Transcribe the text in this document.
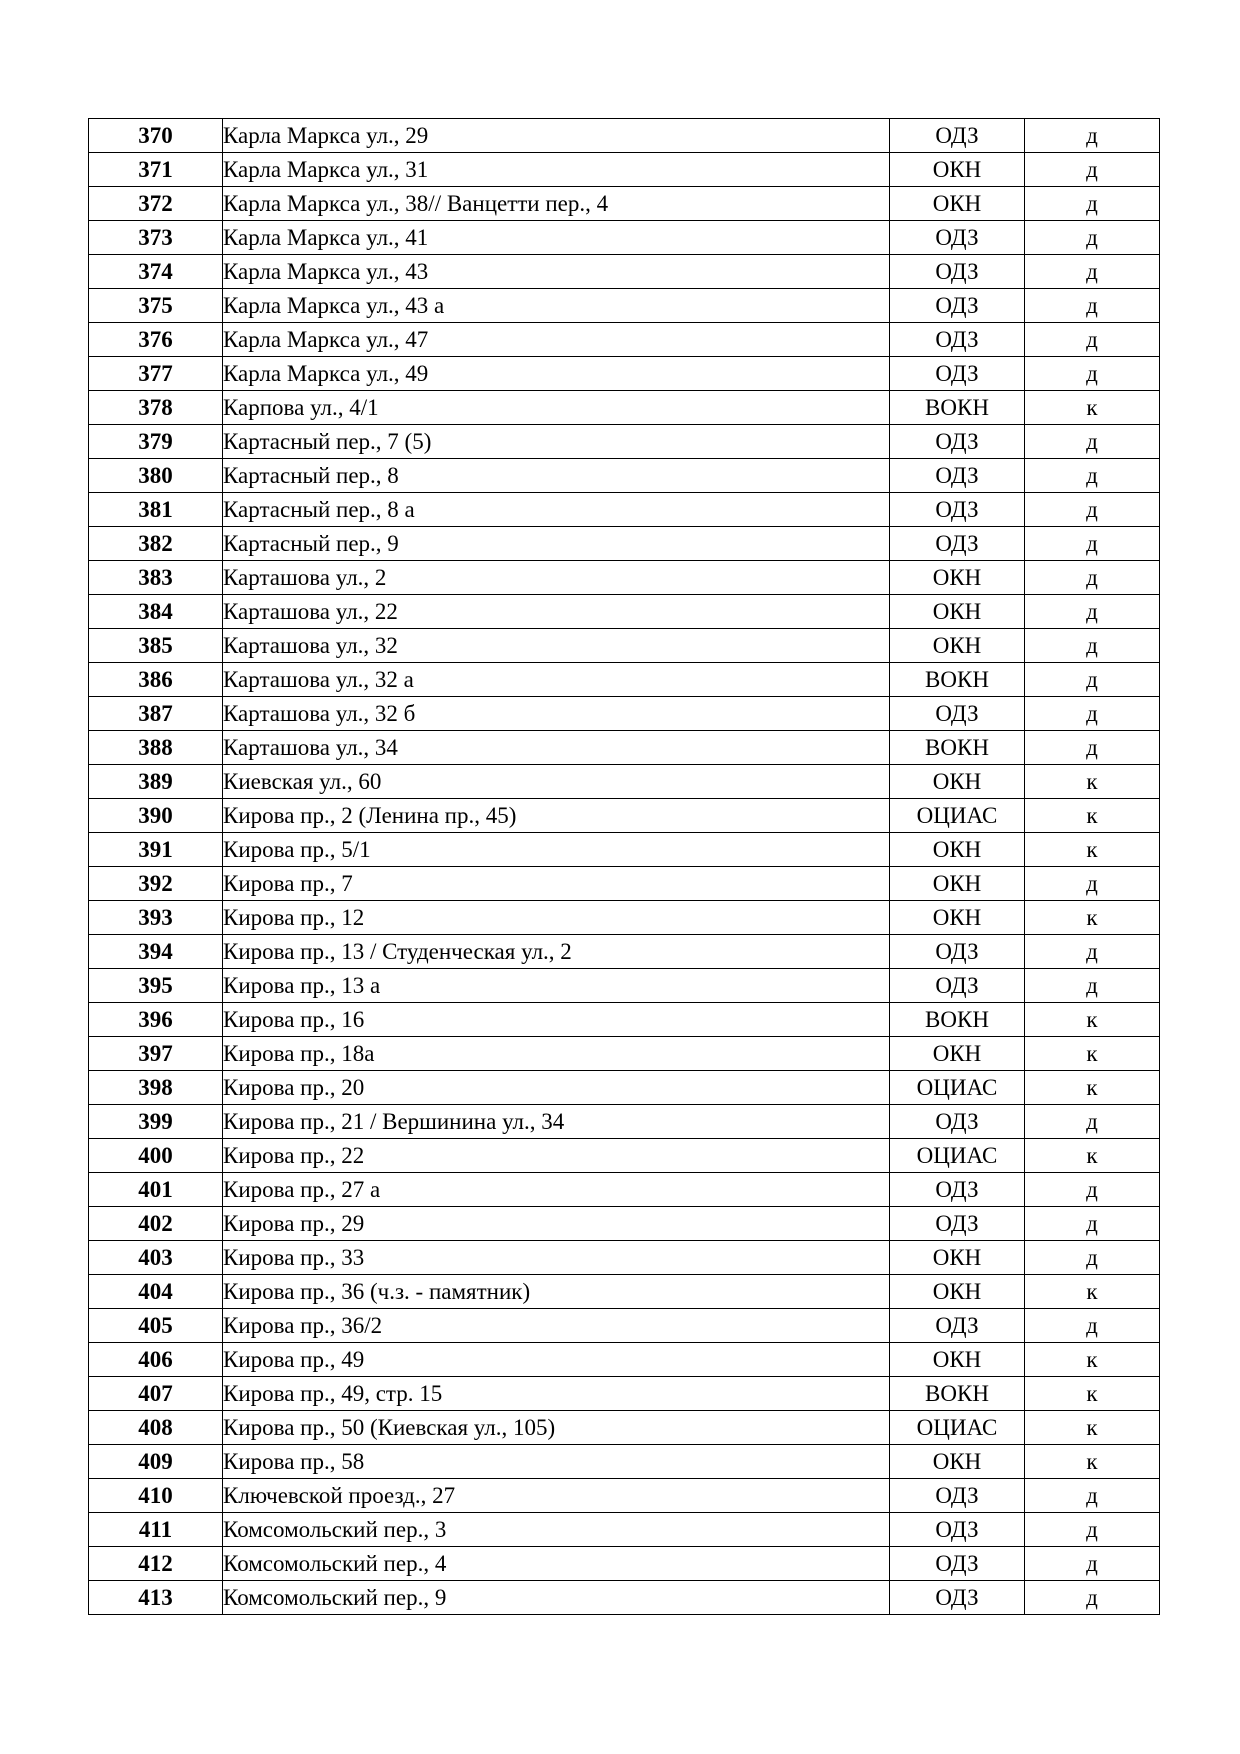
370	Карла Маркса ул., 29	ОДЗ	д
371	Карла Маркса ул., 31	ОКН	д
372	Карла Маркса ул., 38// Ванцетти пер., 4	ОКН	д
373	Карла Маркса ул., 41	ОДЗ	д
374	Карла Маркса ул., 43	ОДЗ	д
375	Карла Маркса ул., 43 а	ОДЗ	д
376	Карла Маркса ул., 47	ОДЗ	д
377	Карла Маркса ул., 49	ОДЗ	д
378	Карпова ул., 4/1	ВОКН	к
379	Картасный пер., 7 (5)	ОДЗ	д
380	Картасный пер., 8	ОДЗ	д
381	Картасный пер., 8 а	ОДЗ	д
382	Картасный пер., 9	ОДЗ	д
383	Карташова ул., 2	ОКН	д
384	Карташова ул., 22	ОКН	д
385	Карташова ул., 32	ОКН	д
386	Карташова ул., 32 а	ВОКН	д
387	Карташова ул., 32 б	ОДЗ	д
388	Карташова ул., 34	ВОКН	д
389	Киевская ул., 60	ОКН	к
390	Кирова пр., 2 (Ленина пр., 45)	ОЦИАС	к
391	Кирова пр., 5/1	ОКН	к
392	Кирова пр., 7	ОКН	д
393	Кирова пр., 12	ОКН	к
394	Кирова пр., 13 / Студенческая ул., 2	ОДЗ	д
395	Кирова пр., 13 а	ОДЗ	д
396	Кирова пр., 16	ВОКН	к
397	Кирова пр., 18а	ОКН	к
398	Кирова пр., 20	ОЦИАС	к
399	Кирова пр., 21 / Вершинина ул., 34	ОДЗ	д
400	Кирова пр., 22	ОЦИАС	к
401	Кирова пр., 27 а	ОДЗ	д
402	Кирова пр., 29	ОДЗ	д
403	Кирова пр., 33	ОКН	д
404	Кирова пр., 36 (ч.з. - памятник)	ОКН	к
405	Кирова пр., 36/2	ОДЗ	д
406	Кирова пр., 49	ОКН	к
407	Кирова пр., 49, стр. 15	ВОКН	к
408	Кирова пр., 50 (Киевская ул., 105)	ОЦИАС	к
409	Кирова пр., 58	ОКН	к
410	Ключевской проезд., 27	ОДЗ	д
411	Комсомольский пер., 3	ОДЗ	д
412	Комсомольский пер., 4	ОДЗ	д
413	Комсомольский пер., 9	ОДЗ	д
